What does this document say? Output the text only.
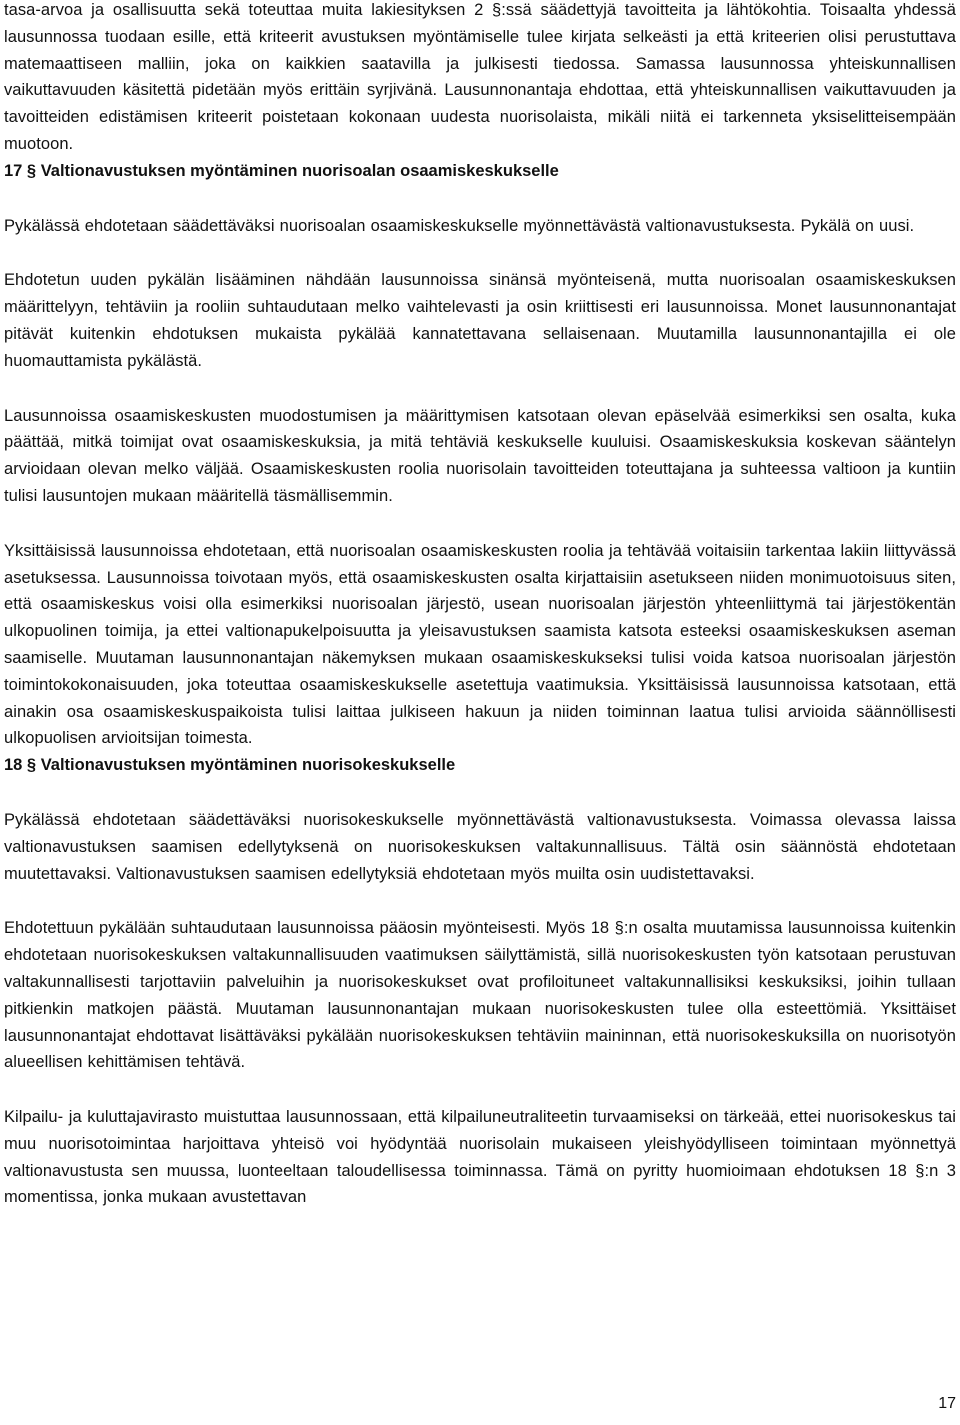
tasa-arvoa ja osallisuutta sekä toteuttaa muita lakiesityksen 2 §:ssä säädettyjä tavoitteita ja lähtökohtia. Toisaalta yhdessä lausunnossa tuodaan esille, että kriteerit avustuksen myöntämiselle tulee kirjata selkeästi ja että kriteerien olisi perustuttava matemaattiseen malliin, joka on kaikkien saatavilla ja julkisesti tiedossa. Samassa lausunnossa yhteiskunnallisen vaikuttavuuden käsitettä pidetään myös erittäin syrjivänä. Lausunnonantaja ehdottaa, että yhteiskunnallisen vaikuttavuuden ja tavoitteiden edistämisen kriteerit poistetaan kokonaan uudesta nuorisolaista, mikäli niitä ei tarkenneta yksiselitteisempään muotoon.

17 § Valtionavustuksen myöntäminen nuorisoalan osaamiskeskukselle

Pykälässä ehdotetaan säädettäväksi nuorisoalan osaamiskeskukselle myönnettävästä valtionavustuksesta. Pykälä on uusi.

Ehdotetun uuden pykälän lisääminen nähdään lausunnoissa sinänsä myönteisenä, mutta nuorisoalan osaamiskeskuksen määrittelyyn, tehtäviin ja rooliin suhtaudutaan melko vaihtelevasti ja osin kriittisesti eri lausunnoissa. Monet lausunnonantajat pitävät kuitenkin ehdotuksen mukaista pykälää kannatettavana sellaisenaan. Muutamilla lausunnonantajilla ei ole huomauttamista pykälästä.

Lausunnoissa osaamiskeskusten muodostumisen ja määrittymisen katsotaan olevan epäselvää esimerkiksi sen osalta, kuka päättää, mitkä toimijat ovat osaamiskeskuksia, ja mitä tehtäviä keskukselle kuuluisi. Osaamiskeskuksia koskevan sääntelyn arvioidaan olevan melko väljää. Osaamiskeskusten roolia nuorisolain tavoitteiden toteuttajana ja suhteessa valtioon ja kuntiin tulisi lausuntojen mukaan määritellä täsmällisemmin.

Yksittäisissä lausunnoissa ehdotetaan, että nuorisoalan osaamiskeskusten roolia ja tehtävää voitaisiin tarkentaa lakiin liittyvässä asetuksessa. Lausunnoissa toivotaan myös, että osaamiskeskusten osalta kirjattaisiin asetukseen niiden monimuotoisuus siten, että osaamiskeskus voisi olla esimerkiksi nuorisoalan järjestö, usean nuorisoalan järjestön yhteenliittymä tai järjestökentän ulkopuolinen toimija, ja ettei valtionapukelpoisuutta ja yleisavustuksen saamista katsota esteeksi osaamiskeskuksen aseman saamiselle. Muutaman lausunnonantajan näkemyksen mukaan osaamiskeskukseksi tulisi voida katsoa nuorisoalan järjestön toimintokokonaisuuden, joka toteuttaa osaamiskeskukselle asetettuja vaatimuksia. Yksittäisissä lausunnoissa katsotaan, että ainakin osa osaamiskeskuspaikoista tulisi laittaa julkiseen hakuun ja niiden toiminnan laatua tulisi arvioida säännöllisesti ulkopuolisen arvioitsijan toimesta.

18 § Valtionavustuksen myöntäminen nuorisokeskukselle

Pykälässä ehdotetaan säädettäväksi nuorisokeskukselle myönnettävästä valtionavustuksesta. Voimassa olevassa laissa valtionavustuksen saamisen edellytyksenä on nuorisokeskuksen valtakunnallisuus. Tältä osin säännöstä ehdotetaan muutettavaksi. Valtionavustuksen saamisen edellytyksiä ehdotetaan myös muilta osin uudistettavaksi.

Ehdotettuun pykälään suhtaudutaan lausunnoissa pääosin myönteisesti. Myös 18 §:n osalta muutamissa lausunnoissa kuitenkin ehdotetaan nuorisokeskuksen valtakunnallisuuden vaatimuksen säilyttämistä, sillä nuorisokeskusten työn katsotaan perustuvan valtakunnallisesti tarjottaviin palveluihin ja nuorisokeskukset ovat profiloituneet valtakunnallisiksi keskuksiksi, joihin tullaan pitkienkin matkojen päästä. Muutaman lausunnonantajan mukaan nuorisokeskusten tulee olla esteettömiä. Yksittäiset lausunnonantajat ehdottavat lisättäväksi pykälään nuorisokeskuksen tehtäviin maininnan, että nuorisokeskuksilla on nuorisotyön alueellisen kehittämisen tehtävä.

Kilpailu- ja kuluttajavirasto muistuttaa lausunnossaan, että kilpailuneutraliteetin turvaamiseksi on tärkeää, ettei nuorisokeskus tai muu nuorisotoimintaa harjoittava yhteisö voi hyödyntää nuorisolain mukaiseen yleishyödylliseen toimintaan myönnettyä valtionavustusta sen muussa, luonteeltaan taloudellisessa toiminnassa. Tämä on pyritty huomioimaan ehdotuksen 18 §:n 3 momentissa, jonka mukaan avustettavan

17
